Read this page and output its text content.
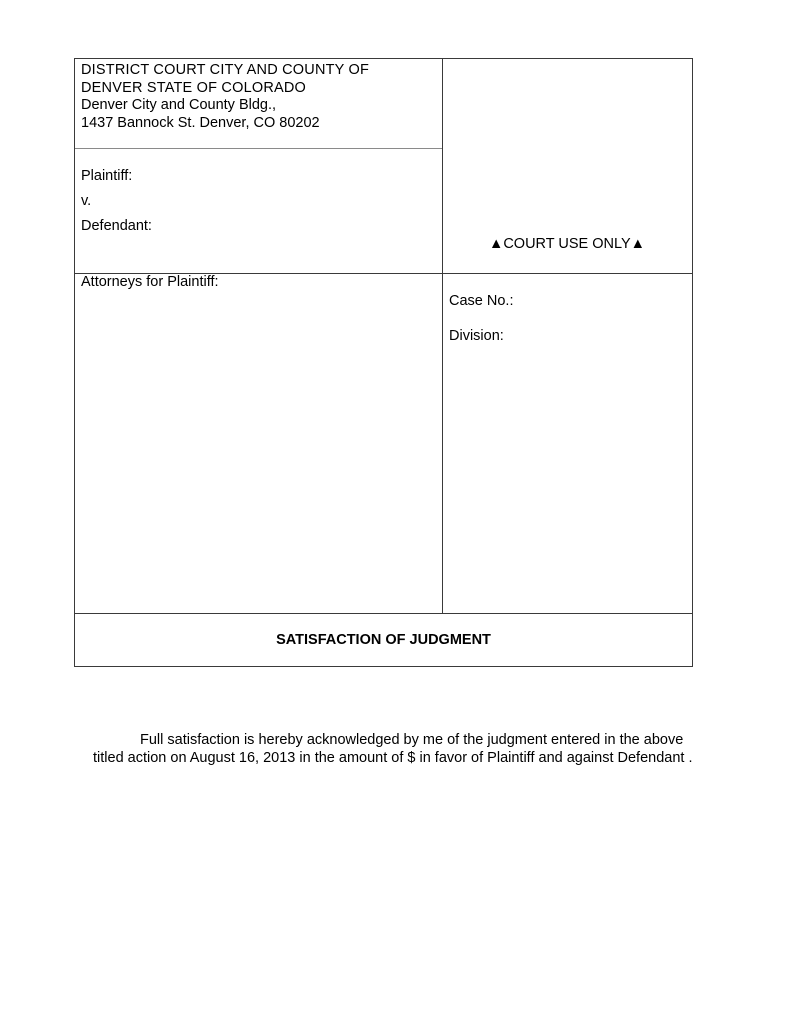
DISTRICT COURT CITY AND COUNTY OF
DENVER STATE OF COLORADO
Denver City and County Bldg.,
1437 Bannock St. Denver, CO 80202
Plaintiff:
v.
Defendant:
▲COURT USE ONLY▲
Attorneys for Plaintiff:
Case No.:
Division:
SATISFACTION OF JUDGMENT
Full satisfaction is hereby acknowledged by me of the judgment entered in the above titled action on August 16, 2013 in the amount of $ in favor of Plaintiff and against Defendant .
